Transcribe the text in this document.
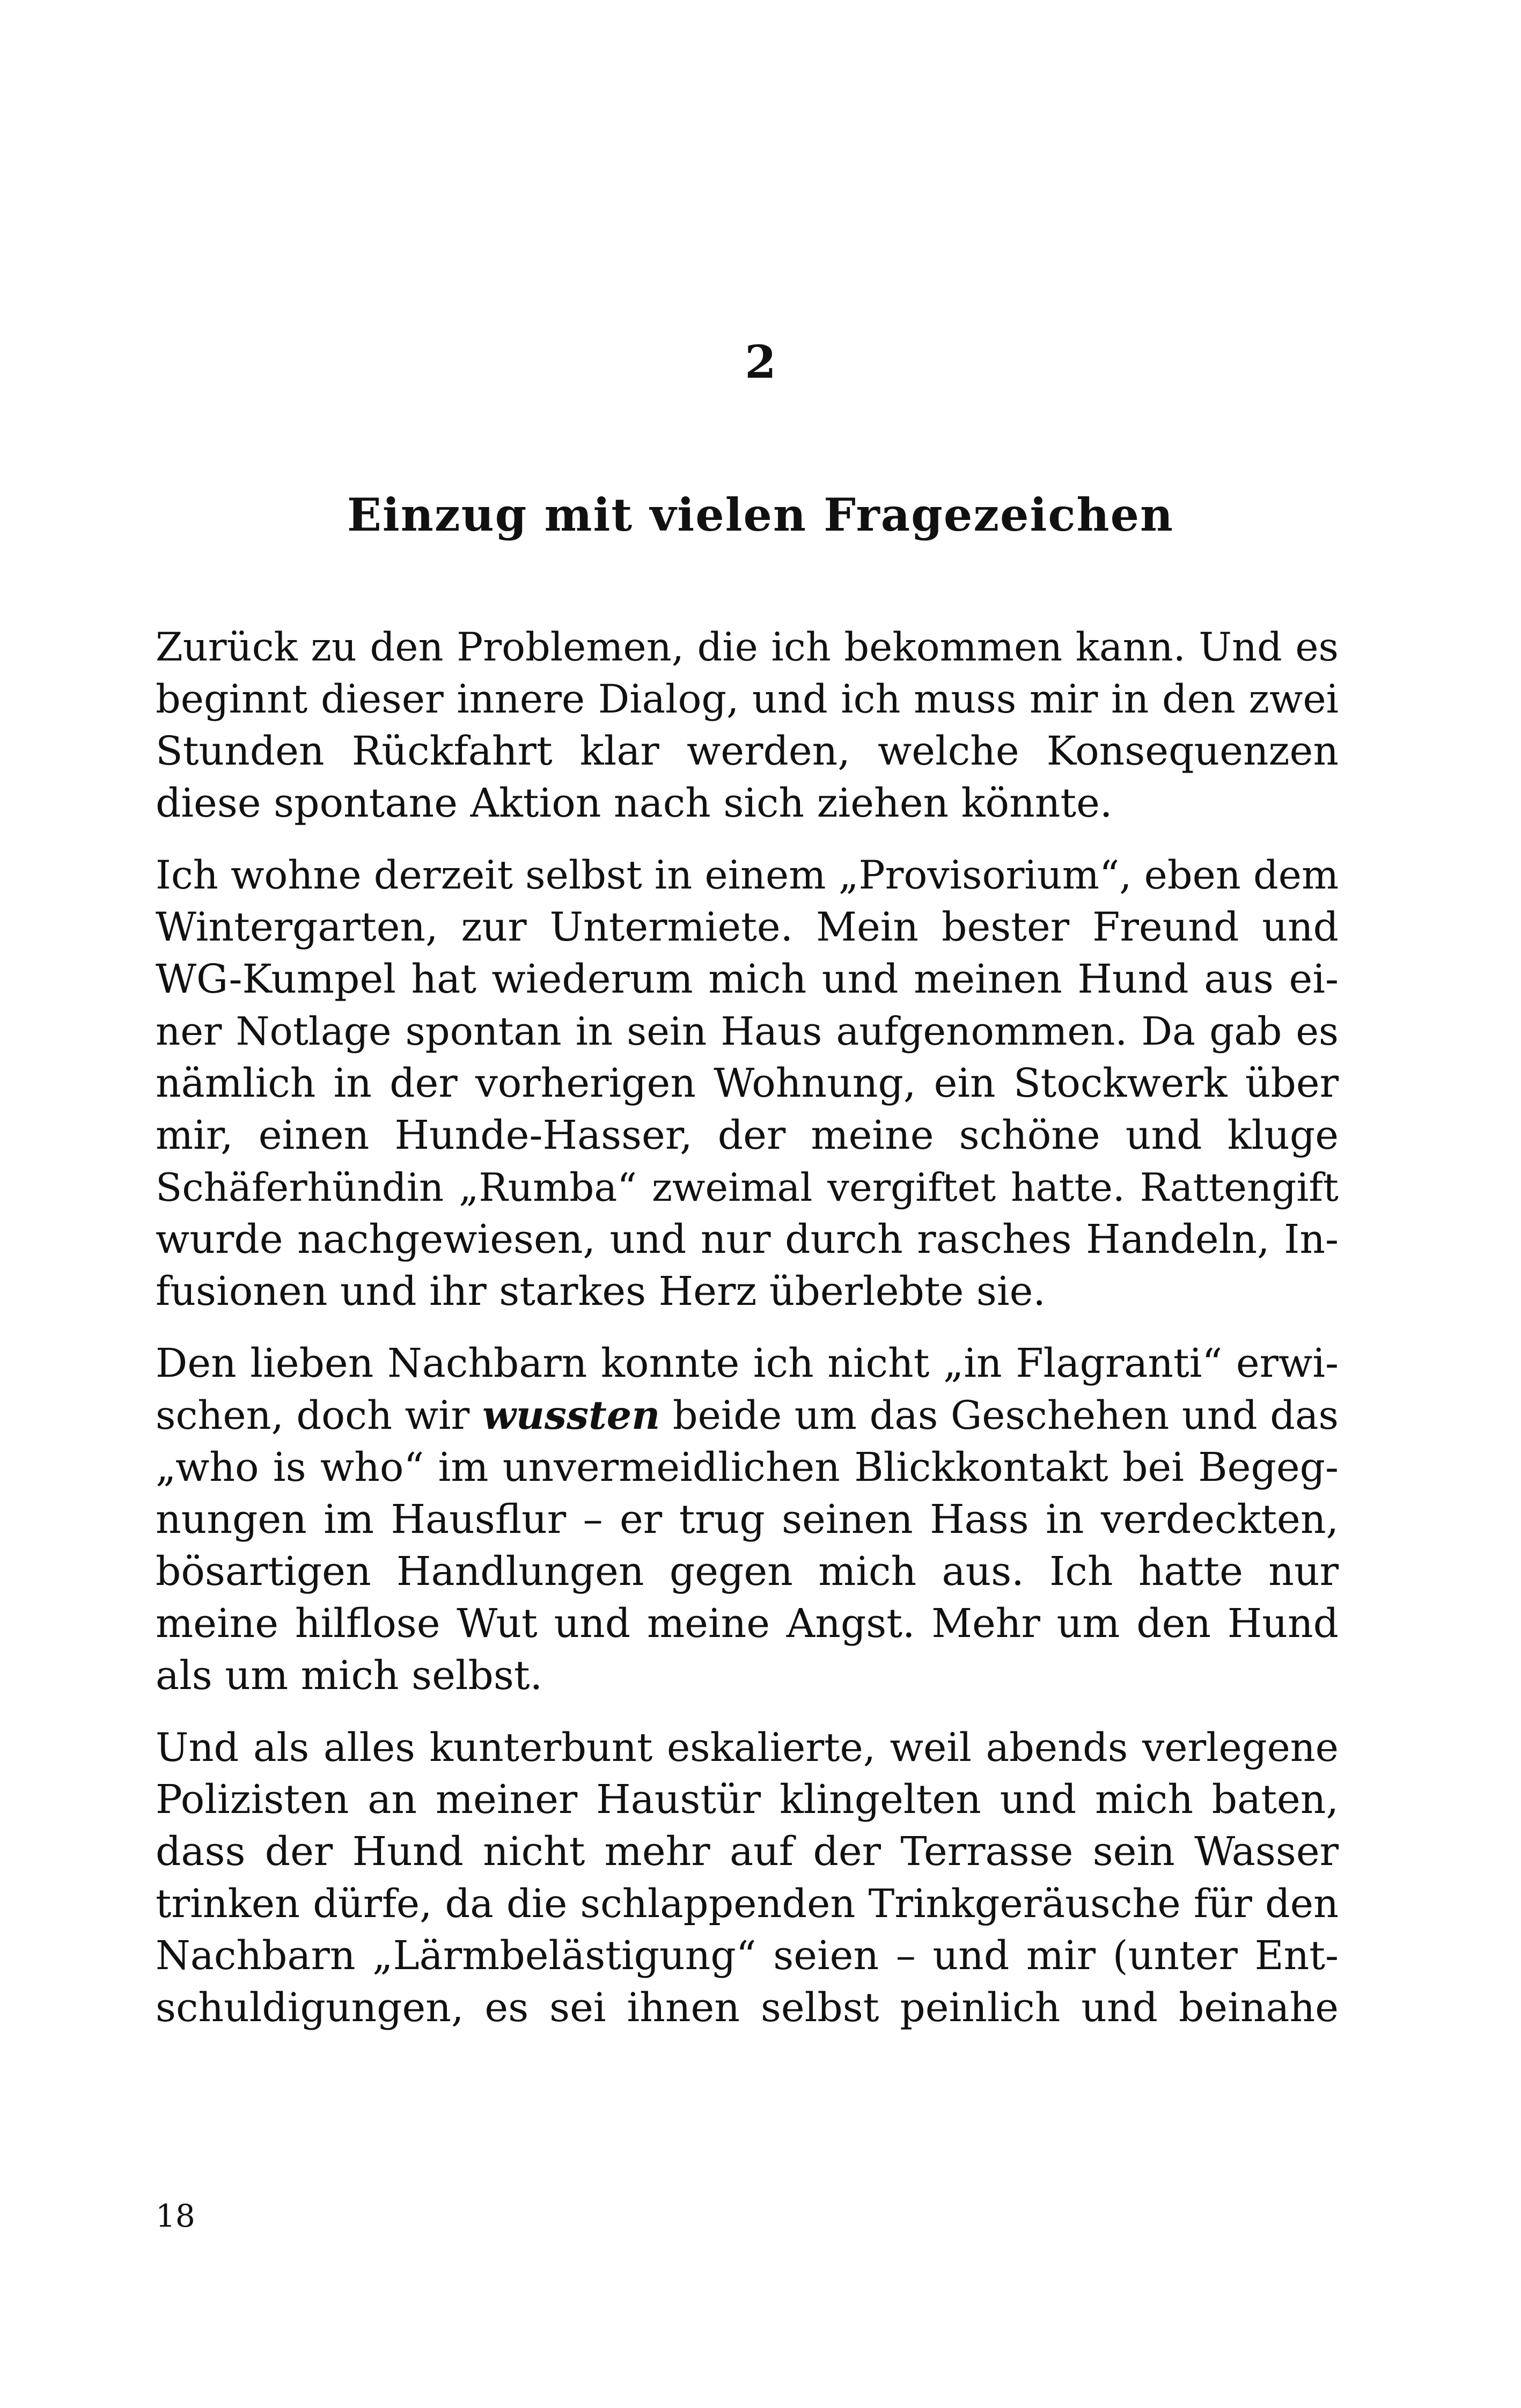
2
Einzug mit vielen Fragezeichen
Zurück zu den Problemen, die ich bekommen kann. Und es
beginnt dieser innere Dialog, und ich muss mir in den zwei
Stunden Rückfahrt klar werden, welche Konsequenzen
diese spontane Aktion nach sich ziehen könnte.
Ich wohne derzeit selbst in einem „Provisorium“, eben dem
Wintergarten, zur Untermiete. Mein bester Freund und
WG-Kumpel hat wiederum mich und meinen Hund aus ei-
ner Notlage spontan in sein Haus aufgenommen. Da gab es
nämlich in der vorherigen Wohnung, ein Stockwerk über
mir, einen Hunde-Hasser, der meine schöne und kluge
Schäferhündin „Rumba“ zweimal vergiftet hatte. Rattengift
wurde nachgewiesen, und nur durch rasches Handeln, In-
fusionen und ihr starkes Herz überlebte sie.
Den lieben Nachbarn konnte ich nicht „in Flagranti“ erwi-
schen, doch wir wussten beide um das Geschehen und das
„who is who“ im unvermeidlichen Blickkontakt bei Begeg-
nungen im Hausflur – er trug seinen Hass in verdeckten,
bösartigen Handlungen gegen mich aus. Ich hatte nur
meine hilflose Wut und meine Angst. Mehr um den Hund
als um mich selbst.
Und als alles kunterbunt eskalierte, weil abends verlegene
Polizisten an meiner Haustür klingelten und mich baten,
dass der Hund nicht mehr auf der Terrasse sein Wasser
trinken dürfe, da die schlappenden Trinkgeräusche für den
Nachbarn „Lärmbelästigung“ seien – und mir (unter Ent-
schuldigungen, es sei ihnen selbst peinlich und beinahe
18
